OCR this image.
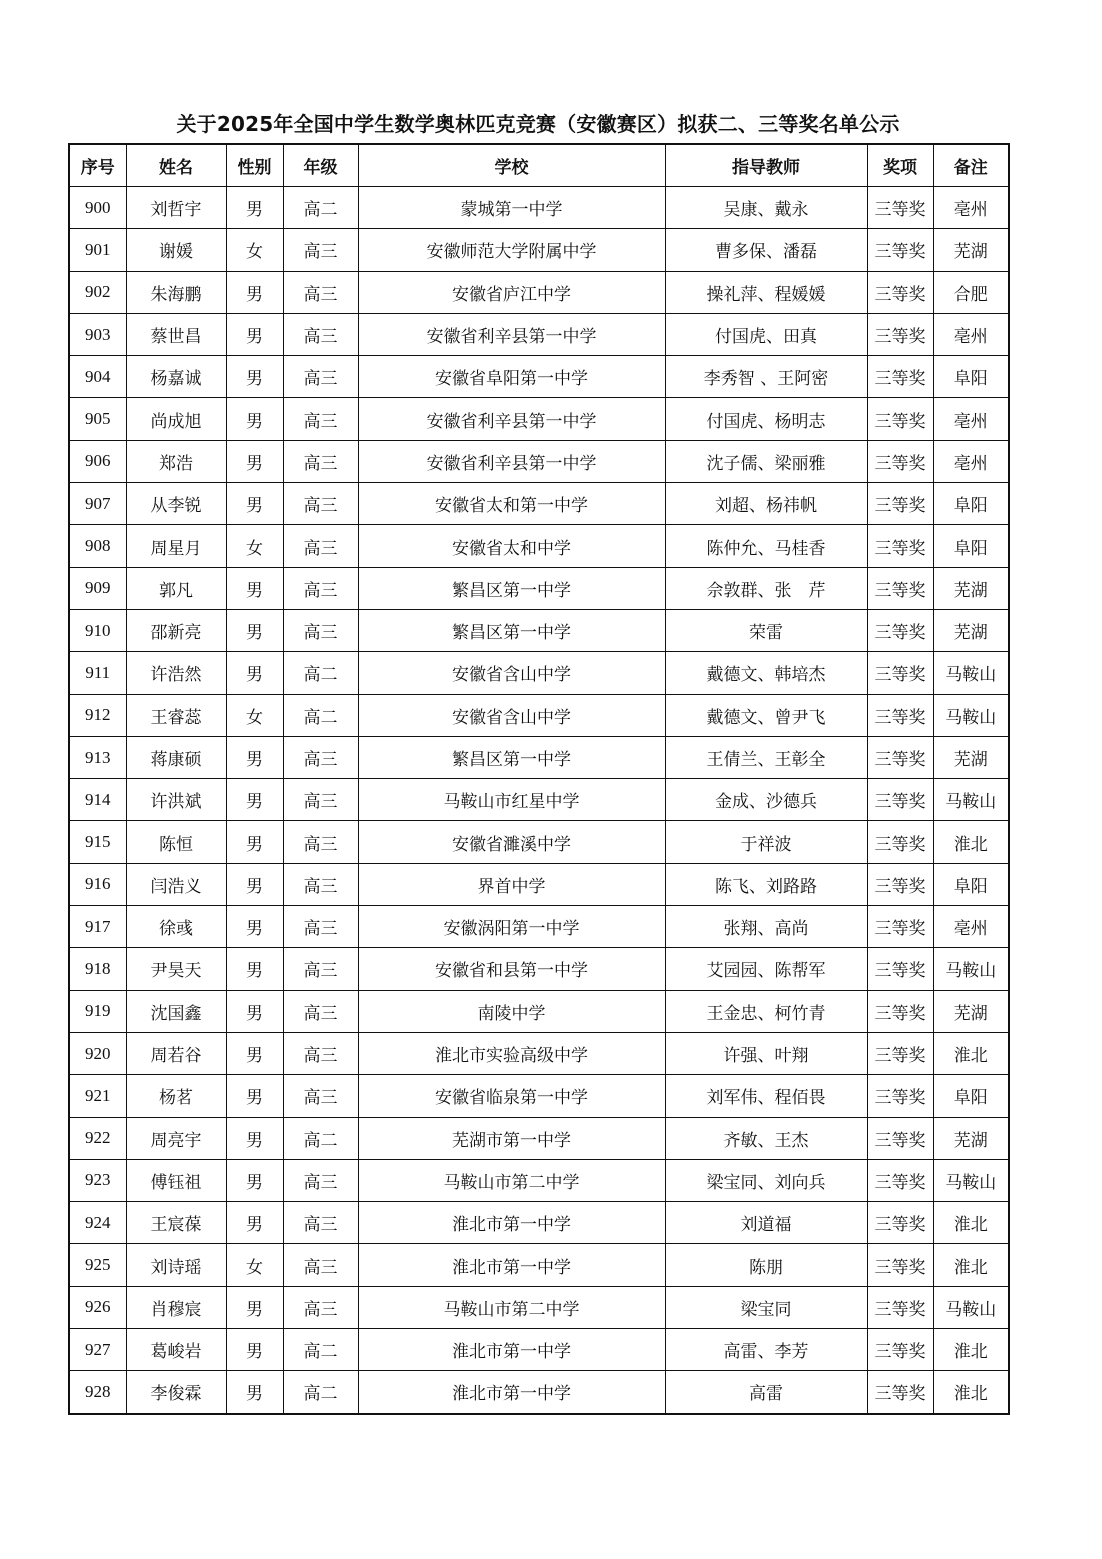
关于2025年全国中学生数学奥林匹克竞赛（安徽赛区）拟获二、三等奖名单公示
序号	姓名	性别	年级	学校	指导教师	奖项	备注
900	刘哲宇	男	高二	蒙城第一中学	吴康、戴永	三等奖	亳州
901	谢媛	女	高三	安徽师范大学附属中学	曹多保、潘磊	三等奖	芜湖
902	朱海鹏	男	高三	安徽省庐江中学	操礼萍、程媛媛	三等奖	合肥
903	蔡世昌	男	高三	安徽省利辛县第一中学	付国虎、田真	三等奖	亳州
904	杨嘉诚	男	高三	安徽省阜阳第一中学	李秀智 、王阿密	三等奖	阜阳
905	尚成旭	男	高三	安徽省利辛县第一中学	付国虎、杨明志	三等奖	亳州
906	郑浩	男	高三	安徽省利辛县第一中学	沈子儒、梁丽雅	三等奖	亳州
907	从李锐	男	高三	安徽省太和第一中学	刘超、杨祎帆	三等奖	阜阳
908	周星月	女	高三	安徽省太和中学	陈仲允、马桂香	三等奖	阜阳
909	郭凡	男	高三	繁昌区第一中学	佘敦群、张　芹	三等奖	芜湖
910	邵新亮	男	高三	繁昌区第一中学	荣雷	三等奖	芜湖
911	许浩然	男	高二	安徽省含山中学	戴德文、韩培杰	三等奖	马鞍山
912	王睿蕊	女	高二	安徽省含山中学	戴德文、曾尹飞	三等奖	马鞍山
913	蒋康硕	男	高三	繁昌区第一中学	王倩兰、王彰全	三等奖	芜湖
914	许洪斌	男	高三	马鞍山市红星中学	金成、沙德兵	三等奖	马鞍山
915	陈恒	男	高三	安徽省濉溪中学	于祥波	三等奖	淮北
916	闫浩义	男	高三	界首中学	陈飞、刘路路	三等奖	阜阳
917	徐彧	男	高三	安徽涡阳第一中学	张翔、高尚	三等奖	亳州
918	尹昊天	男	高三	安徽省和县第一中学	艾园园、陈帮军	三等奖	马鞍山
919	沈国鑫	男	高三	南陵中学	王金忠、柯竹青	三等奖	芜湖
920	周若谷	男	高三	淮北市实验高级中学	许强、叶翔	三等奖	淮北
921	杨茗	男	高三	安徽省临泉第一中学	刘军伟、程佰畏	三等奖	阜阳
922	周亮宇	男	高二	芜湖市第一中学	齐敏、王杰	三等奖	芜湖
923	傅钰祖	男	高三	马鞍山市第二中学	梁宝同、刘向兵	三等奖	马鞍山
924	王宸葆	男	高三	淮北市第一中学	刘道福	三等奖	淮北
925	刘诗瑶	女	高三	淮北市第一中学	陈朋	三等奖	淮北
926	肖穆宸	男	高三	马鞍山市第二中学	梁宝同	三等奖	马鞍山
927	葛峻岩	男	高二	淮北市第一中学	高雷、李芳	三等奖	淮北
928	李俊霖	男	高二	淮北市第一中学	高雷	三等奖	淮北
